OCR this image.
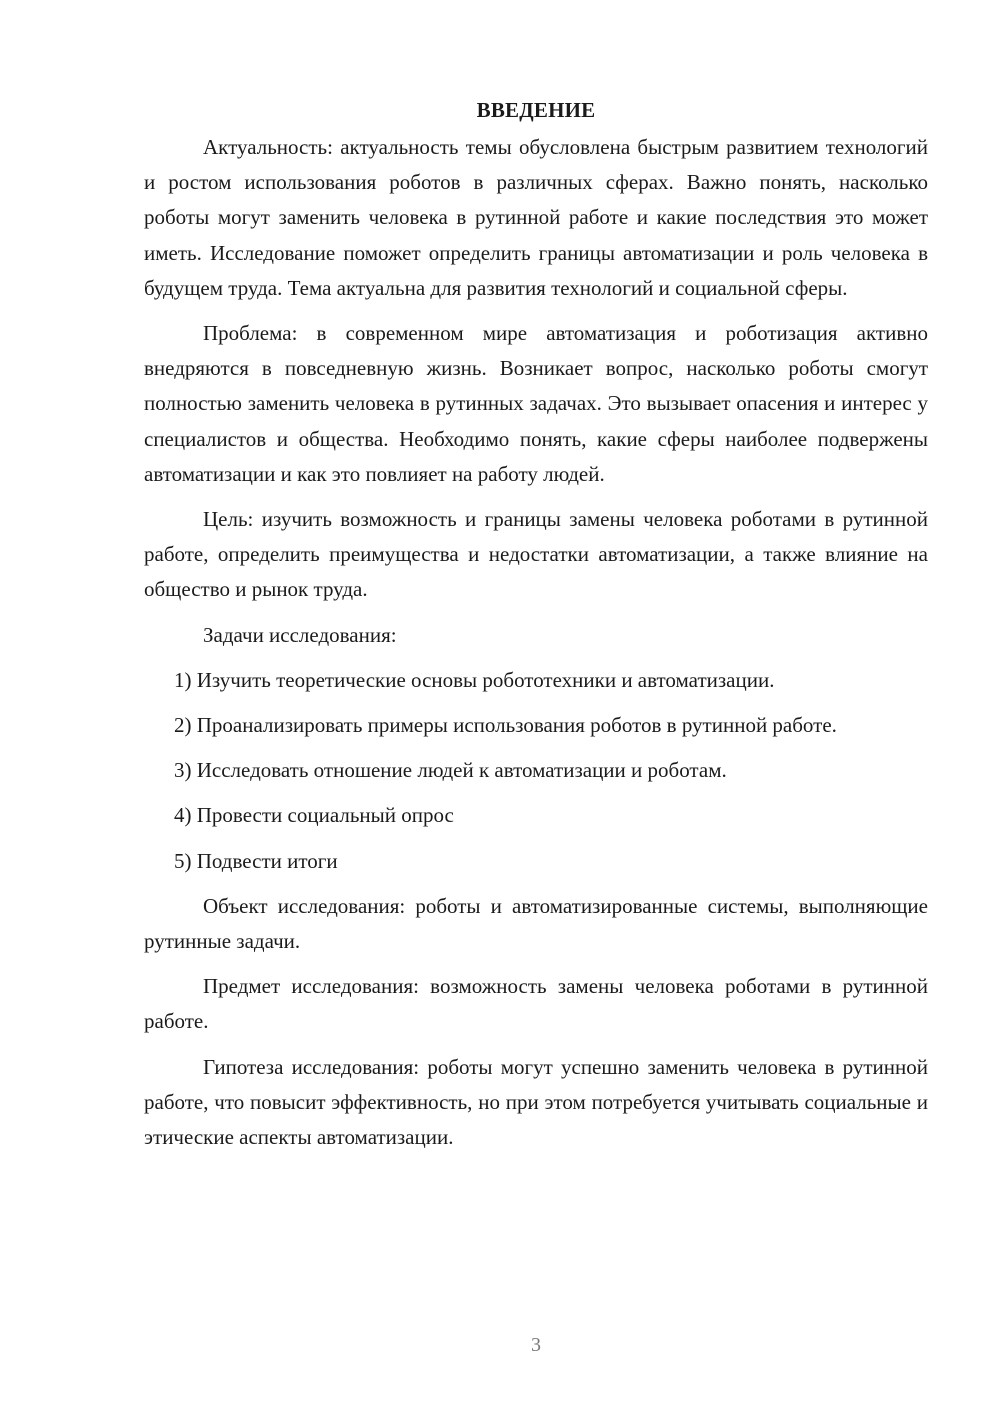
ВВЕДЕНИЕ

Актуальность: актуальность темы обусловлена быстрым развитием технологий и ростом использования роботов в различных сферах. Важно понять, насколько роботы могут заменить человека в рутинной работе и какие последствия это может иметь. Исследование поможет определить границы автоматизации и роль человека в будущем труда. Тема актуальна для развития технологий и социальной сферы.

Проблема: в современном мире автоматизация и роботизация активно внедряются в повседневную жизнь. Возникает вопрос, насколько роботы смогут полностью заменить человека в рутинных задачах. Это вызывает опасения и интерес у специалистов и общества. Необходимо понять, какие сферы наиболее подвержены автоматизации и как это повлияет на работу людей.

Цель: изучить возможность и границы замены человека роботами в рутинной работе, определить преимущества и недостатки автоматизации, а также влияние на общество и рынок труда.

Задачи исследования:

1) Изучить теоретические основы робототехники и автоматизации.

2) Проанализировать примеры использования роботов в рутинной работе.

3) Исследовать отношение людей к автоматизации и роботам.

4) Провести социальный опрос

5) Подвести итоги

Объект исследования: роботы и автоматизированные системы, выполняющие рутинные задачи.

Предмет исследования: возможность замены человека роботами в рутинной работе.

Гипотеза исследования: роботы могут успешно заменить человека в рутинной работе, что повысит эффективность, но при этом потребуется учитывать социальные и этические аспекты автоматизации.

3
